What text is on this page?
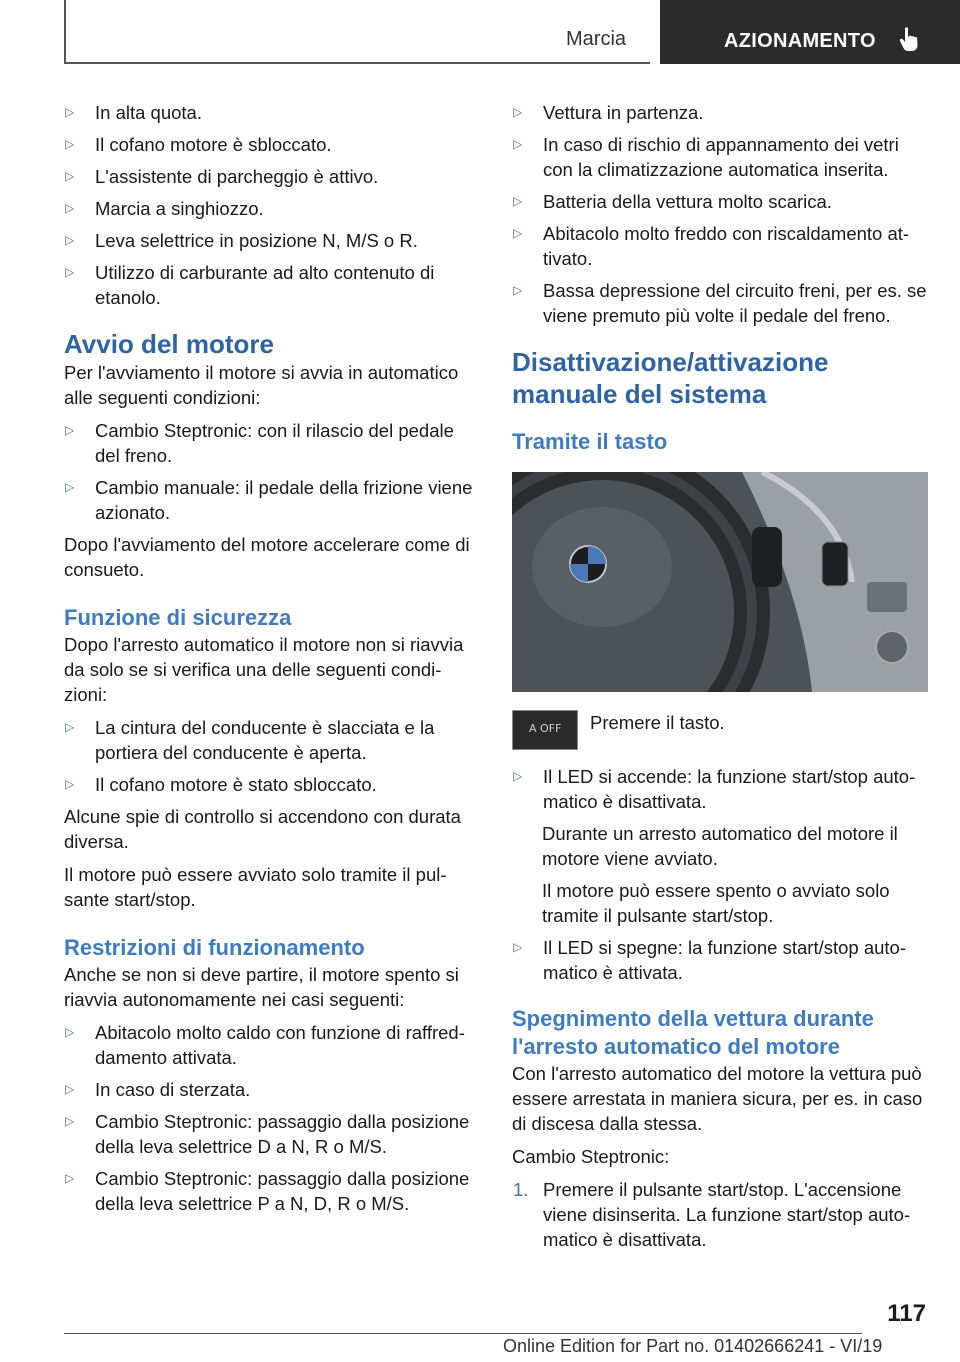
Marcia	AZIONAMENTO
▷	In alta quota.
▷	Il cofano motore è sbloccato.
▷	L'assistente di parcheggio è attivo.
▷	Marcia a singhiozzo.
▷	Leva selettrice in posizione N, M/S o R.
▷	Utilizzo di carburante ad alto contenuto di etanolo.
Avvio del motore

Per l'avviamento il motore si avvia in automatico alle seguenti condizioni:

▷	Cambio Steptronic: con il rilascio del pedale del freno.
▷	Cambio manuale: il pedale della frizione viene azionato.

Dopo l'avviamento del motore accelerare come di consueto.

Funzione di sicurezza

Dopo l'arresto automatico il motore non si riavvia da solo se si verifica una delle seguenti condi-zioni:

▷	La cintura del conducente è slacciata e la portiera del conducente è aperta.
▷	Il cofano motore è stato sbloccato.

Alcune spie di controllo si accendono con durata diversa.

Il motore può essere avviato solo tramite il pul-sante start/stop.

Restrizioni di funzionamento

Anche se non si deve partire, il motore spento si riavvia autonomamente nei casi seguenti:

▷	Abitacolo molto caldo con funzione di raffred-damento attivata.
▷	In caso di sterzata.
▷	Cambio Steptronic: passaggio dalla posizione della leva selettrice D a N, R o M/S.
▷	Cambio Steptronic: passaggio dalla posizione della leva selettrice P a N, D, R o M/S.
▷	Vettura in partenza.
▷	In caso di rischio di appannamento dei vetri con la climatizzazione automatica inserita.
▷	Batteria della vettura molto scarica.
▷	Abitacolo molto freddo con riscaldamento at-tivato.
▷	Bassa depressione del circuito freni, per es. se viene premuto più volte il pedale del freno.
Disattivazione/attivazione manuale del sistema
Tramite il tasto
A OFF	Premere il tasto.
▷	Il LED si accende: la funzione start/stop auto-matico è disattivata.
Durante un arresto automatico del motore il motore viene avviato.
Il motore può essere spento o avviato solo tramite il pulsante start/stop.
▷	Il LED si spegne: la funzione start/stop auto-matico è attivata.
Spegnimento della vettura durante l'arresto automatico del motore

Con l'arresto automatico del motore la vettura può essere arrestata in maniera sicura, per es. in caso di discesa dalla stessa.

Cambio Steptronic:

1. Premere il pulsante start/stop. L'accensione viene disinserita. La funzione start/stop auto-matico è disattivata.
117
Online Edition for Part no. 01402666241 - VI/19
